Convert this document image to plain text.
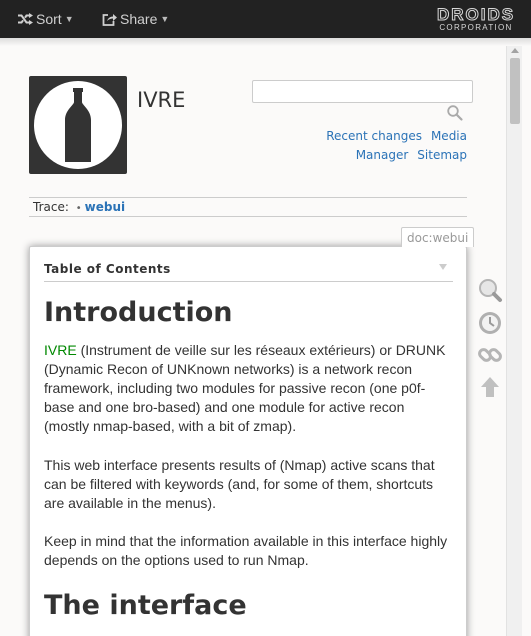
Sort ▼	Share ▼	DROIDS
CORPORATION
IVRE
Recent changes Media
Manager Sitemap
Trace: • webui
doc:webui
Table of Contents
Introduction
IVRE (Instrument de veille sur les réseaux extérieurs) or DRUNK (Dynamic Recon of UNKnown networks) is a network recon framework, including two modules for passive recon (one p0f-base and one bro-based) and one module for active recon (mostly nmap-based, with a bit of zmap).
This web interface presents results of (Nmap) active scans that can be filtered with keywords (and, for some of them, shortcuts are available in the menus).
Keep in mind that the information available in this interface highly depends on the options used to run Nmap.
The interface
